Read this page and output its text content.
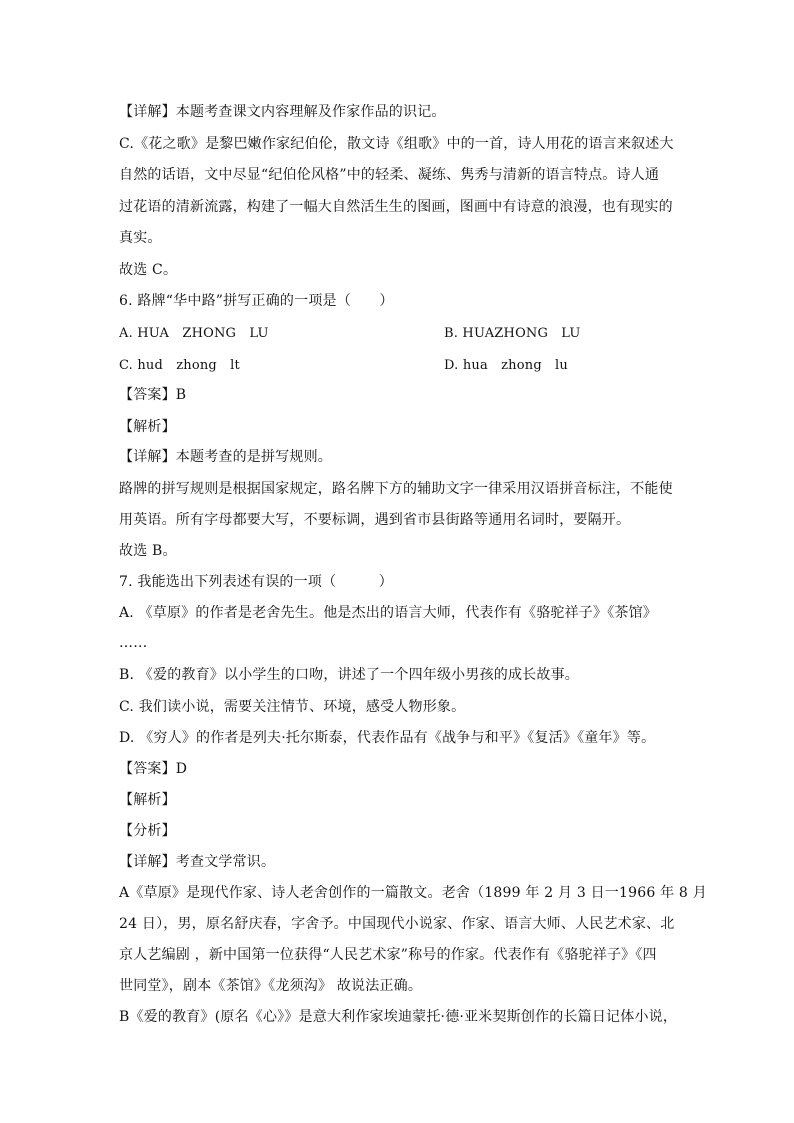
【详解】本题考查课文内容理解及作家作品的识记。
C.《花之歌》是黎巴嫩作家纪伯伦，散文诗《组歌》中的一首，诗人用花的语言来叙述大
自然的话语，文中尽显“纪伯伦风格”中的轻柔、凝练、隽秀与清新的语言特点。诗人通
过花语的清新流露，构建了一幅大自然活生生的图画，图画中有诗意的浪漫，也有现实的
真实。
故选 C。
6. 路牌“华中路”拼写正确的一项是（　　）
A. HUA　ZHONG　LU	B. HUAZHONG　LU
C. hud　zhong　lt	D. hua　zhong　lu
【答案】B
【解析】
【详解】本题考查的是拼写规则。
路牌的拼写规则是根据国家规定，路名牌下方的辅助文字一律采用汉语拼音标注，不能使
用英语。所有字母都要大写，不要标调，遇到省市县街路等通用名词时，要隔开。
故选 B。
7. 我能选出下列表述有误的一项（　　　）
A. 《草原》的作者是老舍先生。他是杰出的语言大师，代表作有《骆驼祥子》《茶馆》
……
B. 《爱的教育》以小学生的口吻，讲述了一个四年级小男孩的成长故事。
C. 我们读小说，需要关注情节、环境，感受人物形象。
D. 《穷人》的作者是列夫·托尔斯泰，代表作品有《战争与和平》《复活》《童年》等。
【答案】D
【解析】
【分析】
【详解】考查文学常识。
A《草原》是现代作家、诗人老舍创作的一篇散文。老舍（1899 年 2 月 3 日一1966 年 8 月
24 日），男，原名舒庆春，字舍予。中国现代小说家、作家、语言大师、人民艺术家、北
京人艺编剧 ，新中国第一位获得“人民艺术家”称号的作家。代表作有《骆驼祥子》《四
世同堂》，剧本《茶馆》《龙须沟》 故说法正确。
B《爱的教育》(原名《心》》是意大利作家埃迪蒙托·德·亚米契斯创作的长篇日记体小说，
